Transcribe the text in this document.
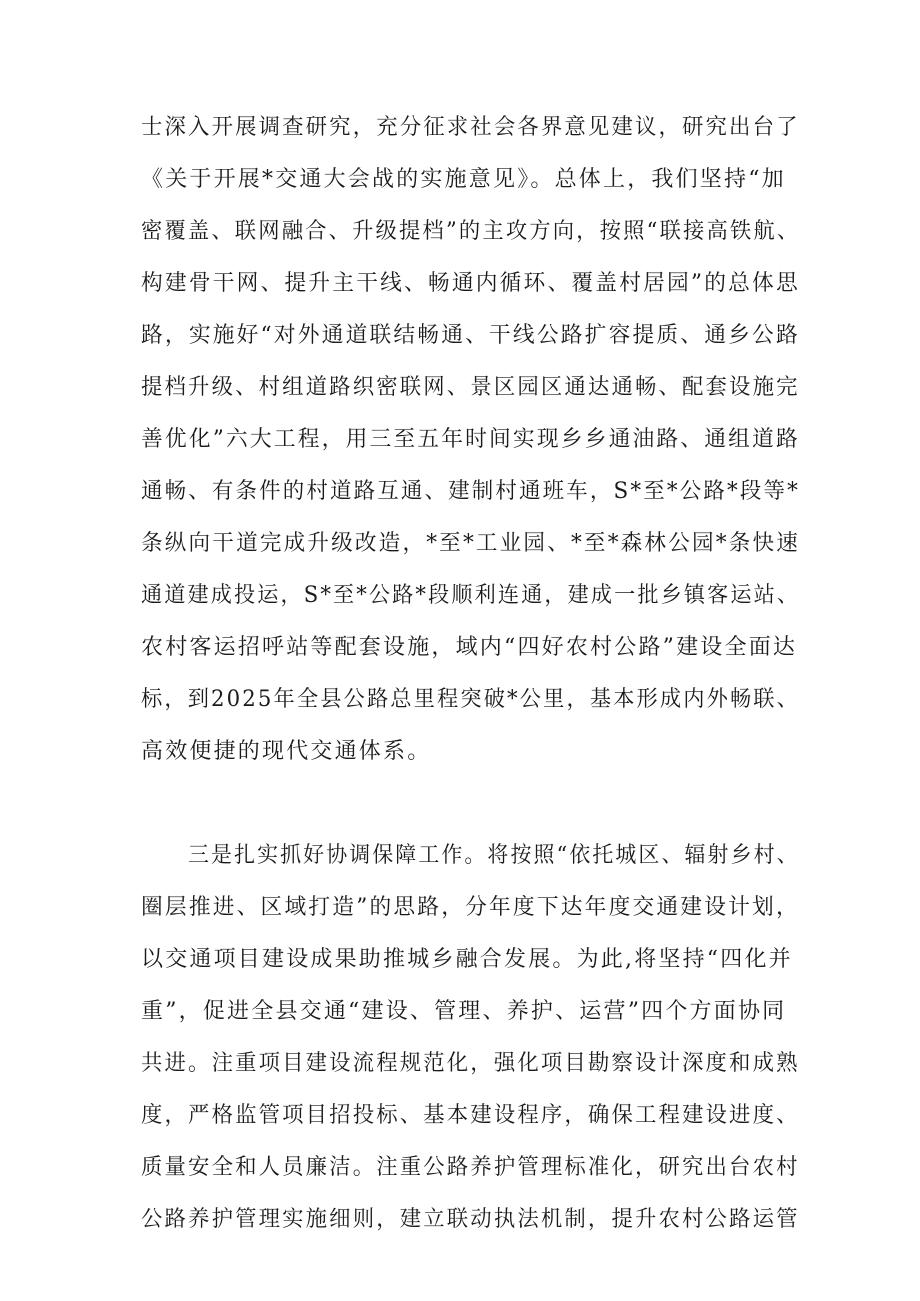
士深入开展调查研究，充分征求社会各界意见建议，研究出台了
《关于开展*交通大会战的实施意见》。总体上，我们坚持“加
密覆盖、联网融合、升级提档”的主攻方向，按照“联接高铁航、
构建骨干网、提升主干线、畅通内循环、覆盖村居园”的总体思
路，实施好“对外通道联结畅通、干线公路扩容提质、通乡公路
提档升级、村组道路织密联网、景区园区通达通畅、配套设施完
善优化”六大工程，用三至五年时间实现乡乡通油路、通组道路
通畅、有条件的村道路互通、建制村通班车，S*至*公路*段等*
条纵向干道完成升级改造，*至*工业园、*至*森林公园*条快速
通道建成投运，S*至*公路*段顺利连通，建成一批乡镇客运站、
农村客运招呼站等配套设施，域内“四好农村公路”建设全面达
标，到2025年全县公路总里程突破*公里，基本形成内外畅联、
高效便捷的现代交通体系。
三是扎实抓好协调保障工作。将按照“依托城区、辐射乡村、
圈层推进、区域打造”的思路，分年度下达年度交通建设计划，
以交通项目建设成果助推城乡融合发展。为此,将坚持“四化并
重”，促进全县交通“建设、管理、养护、运营”四个方面协同
共进。注重项目建设流程规范化，强化项目勘察设计深度和成熟
度，严格监管项目招投标、基本建设程序，确保工程建设进度、
质量安全和人员廉洁。注重公路养护管理标准化，研究出台农村
公路养护管理实施细则，建立联动执法机制，提升农村公路运管
